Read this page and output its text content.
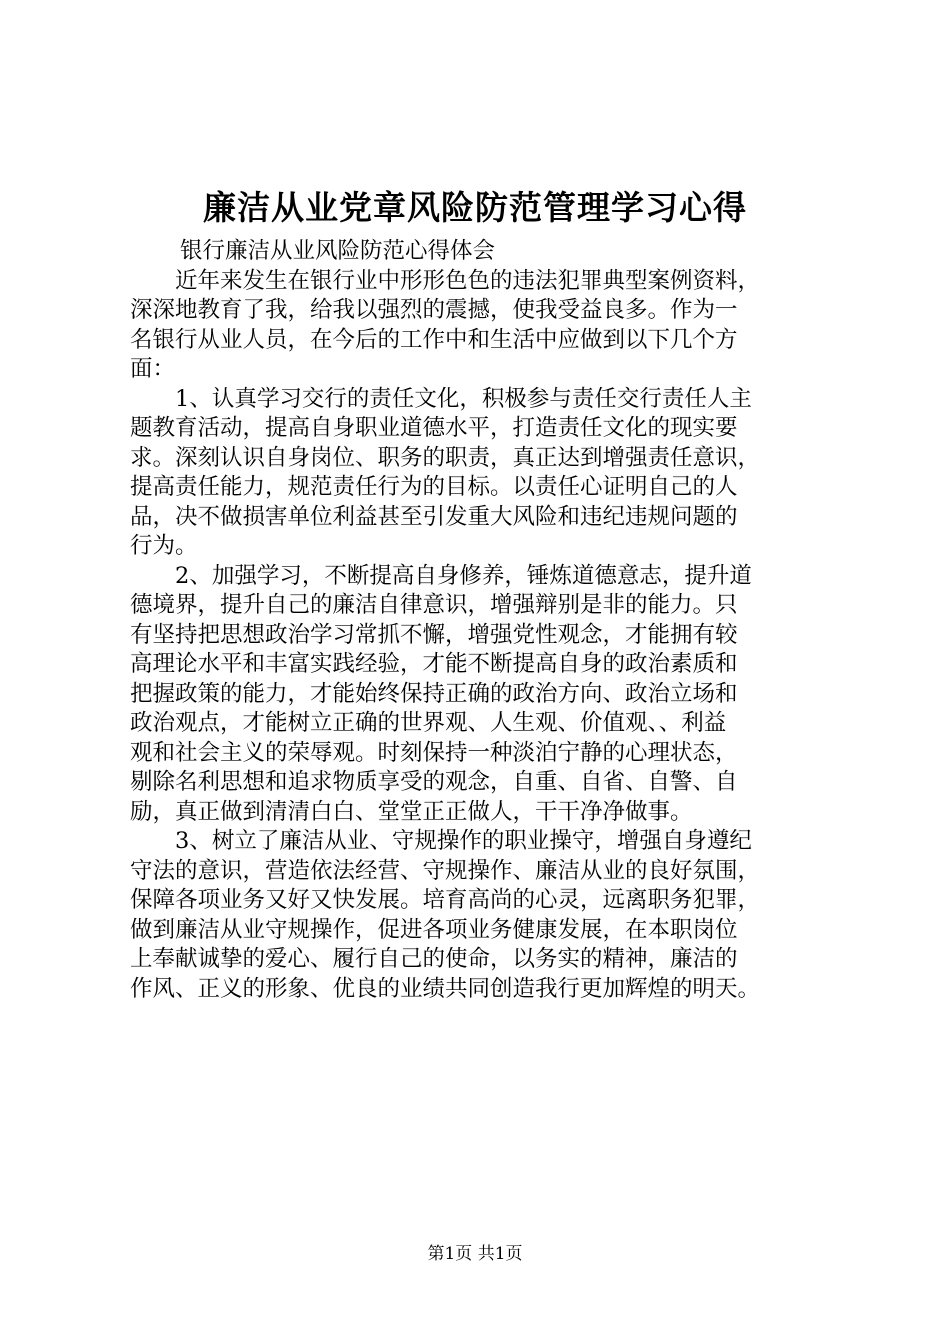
廉洁从业党章风险防范管理学习心得
银行廉洁从业风险防范心得体会
近年来发生在银行业中形形色色的违法犯罪典型案例资料，
深深地教育了我，给我以强烈的震撼，使我受益良多。作为一
名银行从业人员，在今后的工作中和生活中应做到以下几个方
面：
1、认真学习交行的责任文化，积极参与责任交行责任人主
题教育活动，提高自身职业道德水平，打造责任文化的现实要
求。深刻认识自身岗位、职务的职责，真正达到增强责任意识，
提高责任能力，规范责任行为的目标。以责任心证明自己的人
品，决不做损害单位利益甚至引发重大风险和违纪违规问题的
行为。
2、加强学习，不断提高自身修养，锤炼道德意志，提升道
德境界，提升自己的廉洁自律意识，增强辩别是非的能力。只
有坚持把思想政治学习常抓不懈，增强党性观念，才能拥有较
高理论水平和丰富实践经验，才能不断提高自身的政治素质和
把握政策的能力，才能始终保持正确的政治方向、政治立场和
政治观点，才能树立正确的世界观、人生观、价值观、、利益
观和社会主义的荣辱观。时刻保持一种淡泊宁静的心理状态，
剔除名利思想和追求物质享受的观念，自重、自省、自警、自
励，真正做到清清白白、堂堂正正做人，干干净净做事。
3、树立了廉洁从业、守规操作的职业操守，增强自身遵纪
守法的意识，营造依法经营、守规操作、廉洁从业的良好氛围，
保障各项业务又好又快发展。培育高尚的心灵，远离职务犯罪，
做到廉洁从业守规操作，促进各项业务健康发展，在本职岗位
上奉献诚挚的爱心、履行自己的使命，以务实的精神，廉洁的
作风、正义的形象、优良的业绩共同创造我行更加辉煌的明天。
第1页 共1页
